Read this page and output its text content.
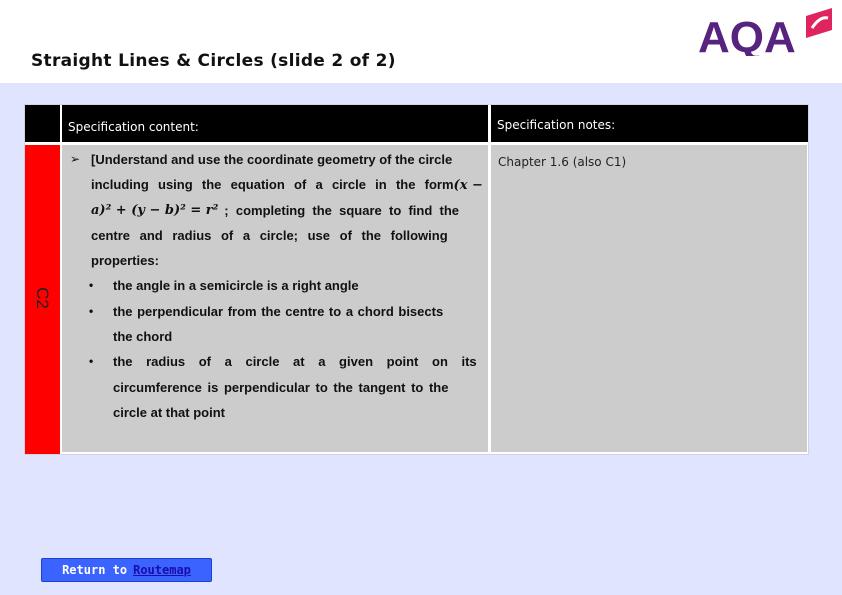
Straight Lines & Circles (slide 2 of 2)	AQA
Specification content:	Specification notes:
C2
➢ [Understand and use the coordinate geometry of the circle
including using the equation of a circle in the form(x −
a)² + (y − b)² = r² ;  completing  the  square  to  find  the
centre and radius of a circle; use of the following
properties:
• the angle in a semicircle is a right angle
• the perpendicular from the centre to a chord bisects
the chord
• the radius of a circle at a given point on its
circumference is perpendicular to the tangent to the
circle at that point
Chapter 1.6 (also C1)
Return to Routemap
